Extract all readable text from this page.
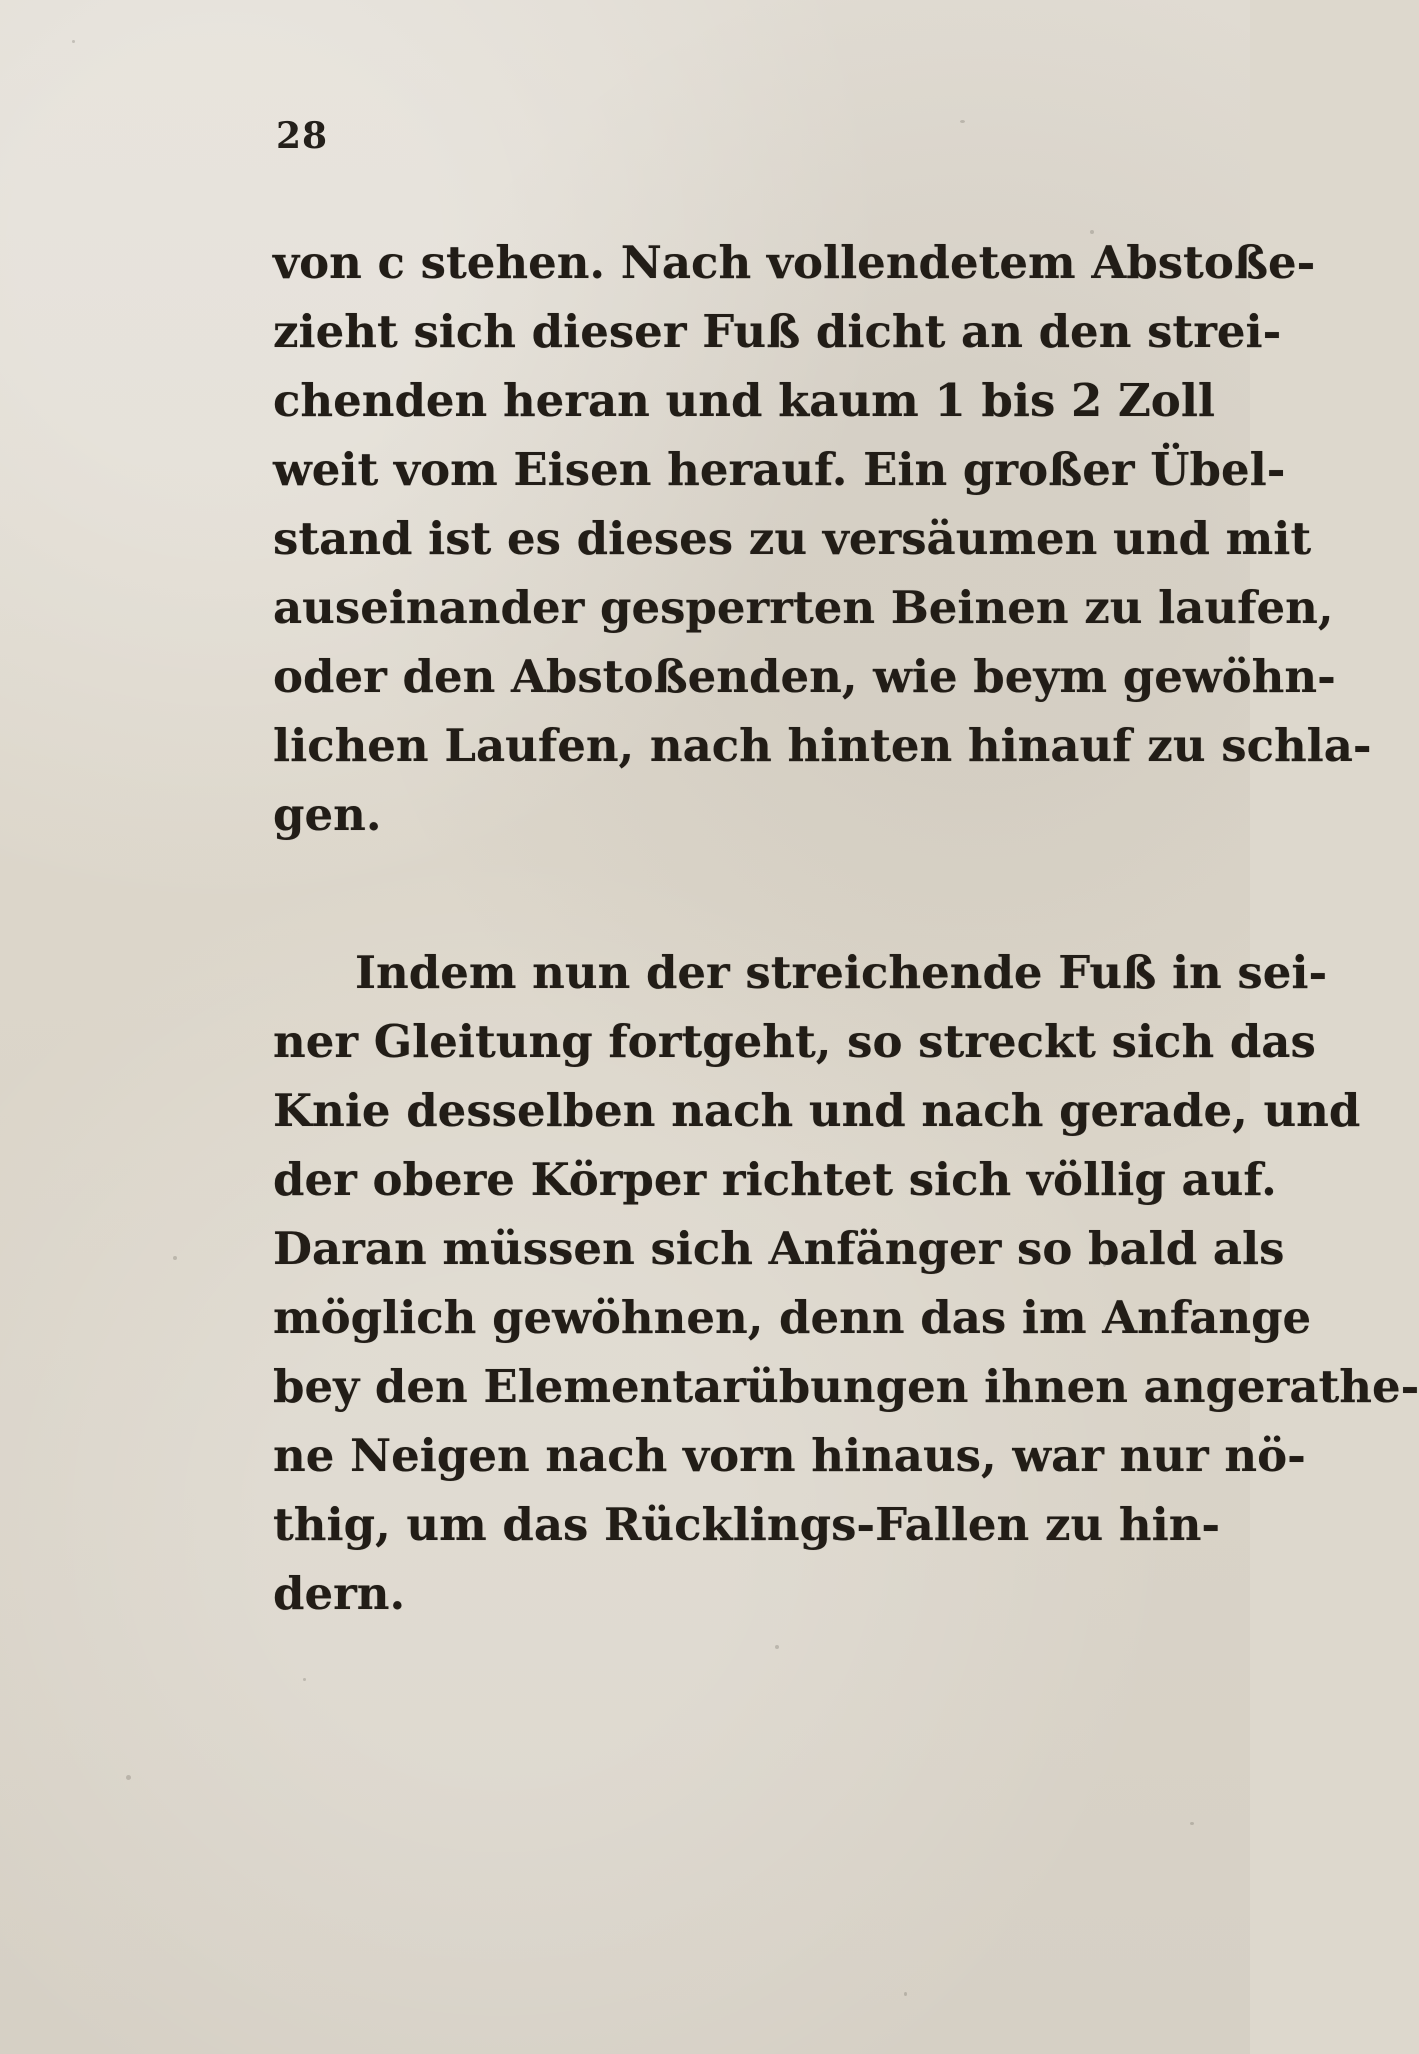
28
von c stehen. Nach vollendetem Abstoße-
zieht sich dieser Fuß dicht an den strei-
chenden heran und kaum 1 bis 2 Zoll
weit vom Eisen herauf. Ein großer Übel-
stand ist es dieses zu versäumen und mit
auseinander gesperrten Beinen zu laufen,
oder den Abstoßenden, wie beym gewöhn-
lichen Laufen, nach hinten hinauf zu schla-
gen.
Indem nun der streichende Fuß in sei-
ner Gleitung fortgeht, so streckt sich das
Knie desselben nach und nach gerade, und
der obere Körper richtet sich völlig auf.
Daran müssen sich Anfänger so bald als
möglich gewöhnen, denn das im Anfange
bey den Elementarübungen ihnen angerathe-
ne Neigen nach vorn hinaus, war nur nö-
thig, um das Rücklings-Fallen zu hin-
dern.
